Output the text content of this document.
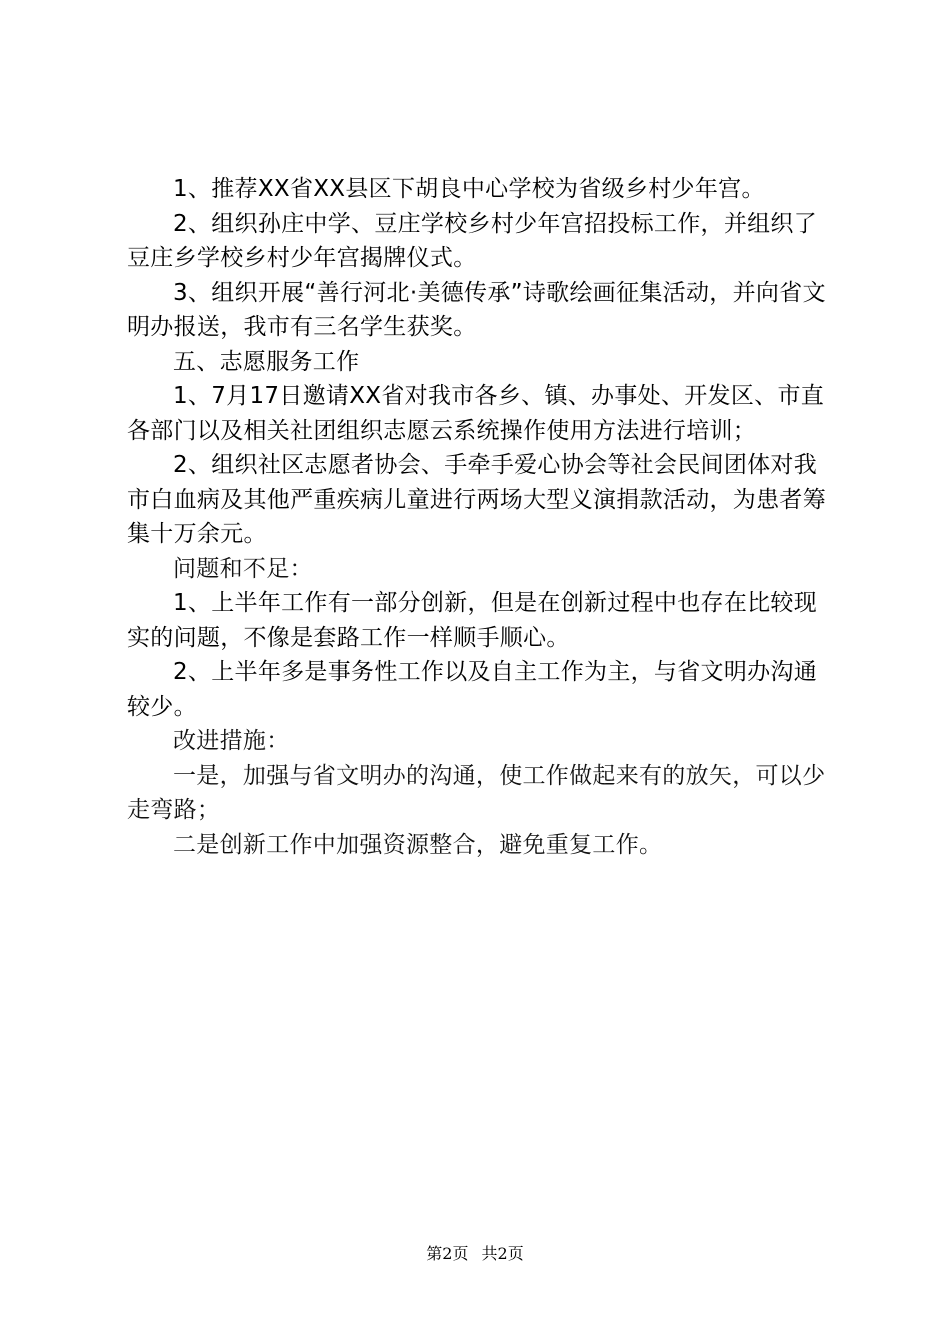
1、推荐XX省XX县区下胡良中心学校为省级乡村少年宫。

2、组织孙庄中学、豆庄学校乡村少年宫招投标工作，并组织了豆庄乡学校乡村少年宫揭牌仪式。

3、组织开展“善行河北·美德传承”诗歌绘画征集活动，并向省文明办报送，我市有三名学生获奖。

五、志愿服务工作

1、7月17日邀请XX省对我市各乡、镇、办事处、开发区、市直各部门以及相关社团组织志愿云系统操作使用方法进行培训；

2、组织社区志愿者协会、手牵手爱心协会等社会民间团体对我市白血病及其他严重疾病儿童进行两场大型义演捐款活动，为患者筹集十万余元。

问题和不足：

1、上半年工作有一部分创新，但是在创新过程中也存在比较现实的问题，不像是套路工作一样顺手顺心。

2、上半年多是事务性工作以及自主工作为主，与省文明办沟通较少。

改进措施：

一是，加强与省文明办的沟通，使工作做起来有的放矢，可以少走弯路；

二是创新工作中加强资源整合，避免重复工作。

第2页 共2页
